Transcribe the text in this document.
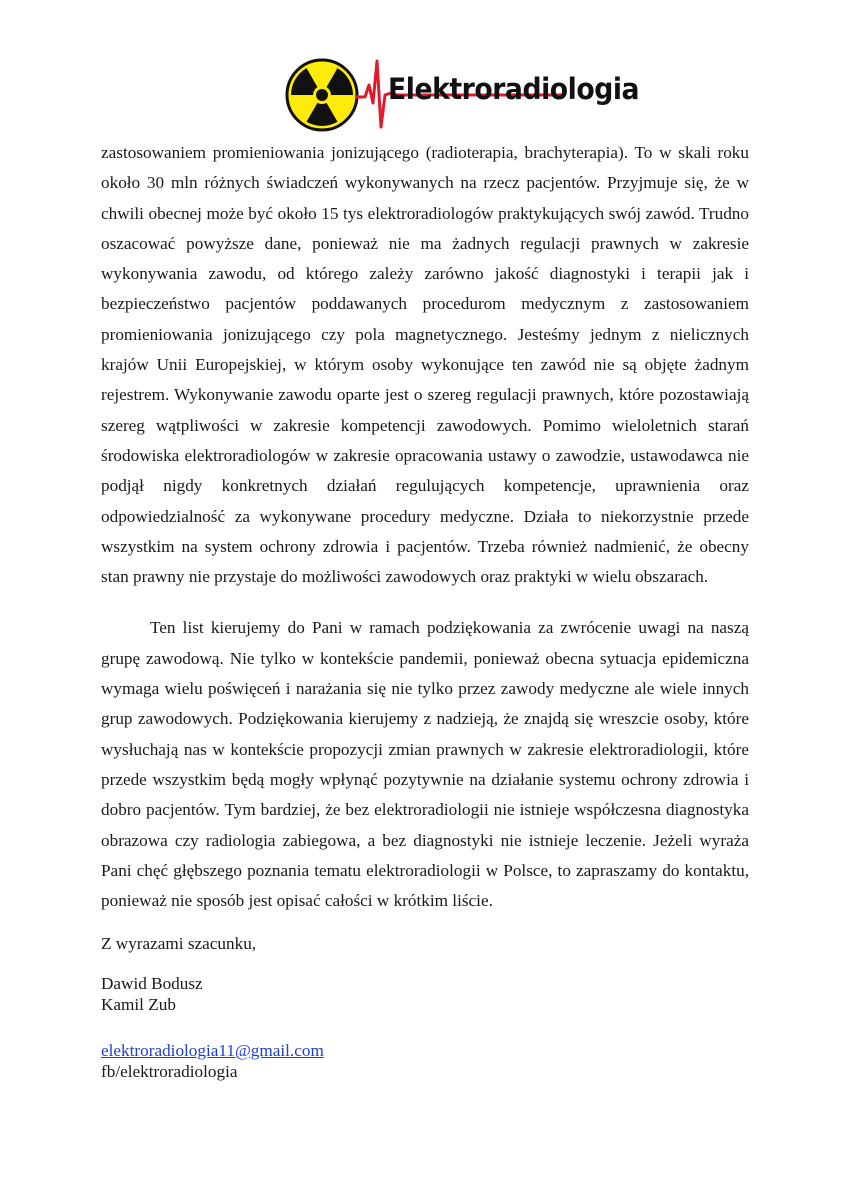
Elektroradiologia

zastosowaniem promieniowania jonizującego (radioterapia, brachyterapia). To w skali roku około 30 mln różnych świadczeń wykonywanych na rzecz pacjentów. Przyjmuje się, że w chwili obecnej może być około 15 tys elektroradiologów praktykujących swój zawód. Trudno oszacować powyższe dane, ponieważ nie ma żadnych regulacji prawnych w zakresie wykonywania zawodu, od którego zależy zarówno jakość diagnostyki i terapii jak i bezpieczeństwo pacjentów poddawanych procedurom medycznym z zastosowaniem promieniowania jonizującego czy pola magnetycznego. Jesteśmy jednym z nielicznych krajów Unii Europejskiej, w którym osoby wykonujące ten zawód nie są objęte żadnym rejestrem. Wykonywanie zawodu oparte jest o szereg regulacji prawnych, które pozostawiają szereg wątpliwości w zakresie kompetencji zawodowych. Pomimo wieloletnich starań środowiska elektroradiologów w zakresie opracowania ustawy o zawodzie, ustawodawca nie podjął nigdy konkretnych działań regulujących kompetencje, uprawnienia oraz odpowiedzialność za wykonywane procedury medyczne. Działa to niekorzystnie przede wszystkim na system ochrony zdrowia i pacjentów. Trzeba również nadmienić, że obecny stan prawny nie przystaje do możliwości zawodowych oraz praktyki w wielu obszarach.

Ten list kierujemy do Pani w ramach podziękowania za zwrócenie uwagi na naszą grupę zawodową. Nie tylko w kontekście pandemii, ponieważ obecna sytuacja epidemiczna wymaga wielu poświęceń i narażania się nie tylko przez zawody medyczne ale wiele innych grup zawodowych. Podziękowania kierujemy z nadzieją, że znajdą się wreszcie osoby, które wysłuchają nas w kontekście propozycji zmian prawnych w zakresie elektroradiologii, które przede wszystkim będą mogły wpłynąć pozytywnie na działanie systemu ochrony zdrowia i dobro pacjentów. Tym bardziej, że bez elektroradiologii nie istnieje współczesna diagnostyka obrazowa czy radiologia zabiegowa, a bez diagnostyki nie istnieje leczenie. Jeżeli wyraża Pani chęć głębszego poznania tematu elektroradiologii w Polsce, to zapraszamy do kontaktu, ponieważ nie sposób jest opisać całości w krótkim liście.

Z wyrazami szacunku,
Dawid Bodusz
Kamil Zub
elektroradiologia11@gmail.com
fb/elektroradiologia
